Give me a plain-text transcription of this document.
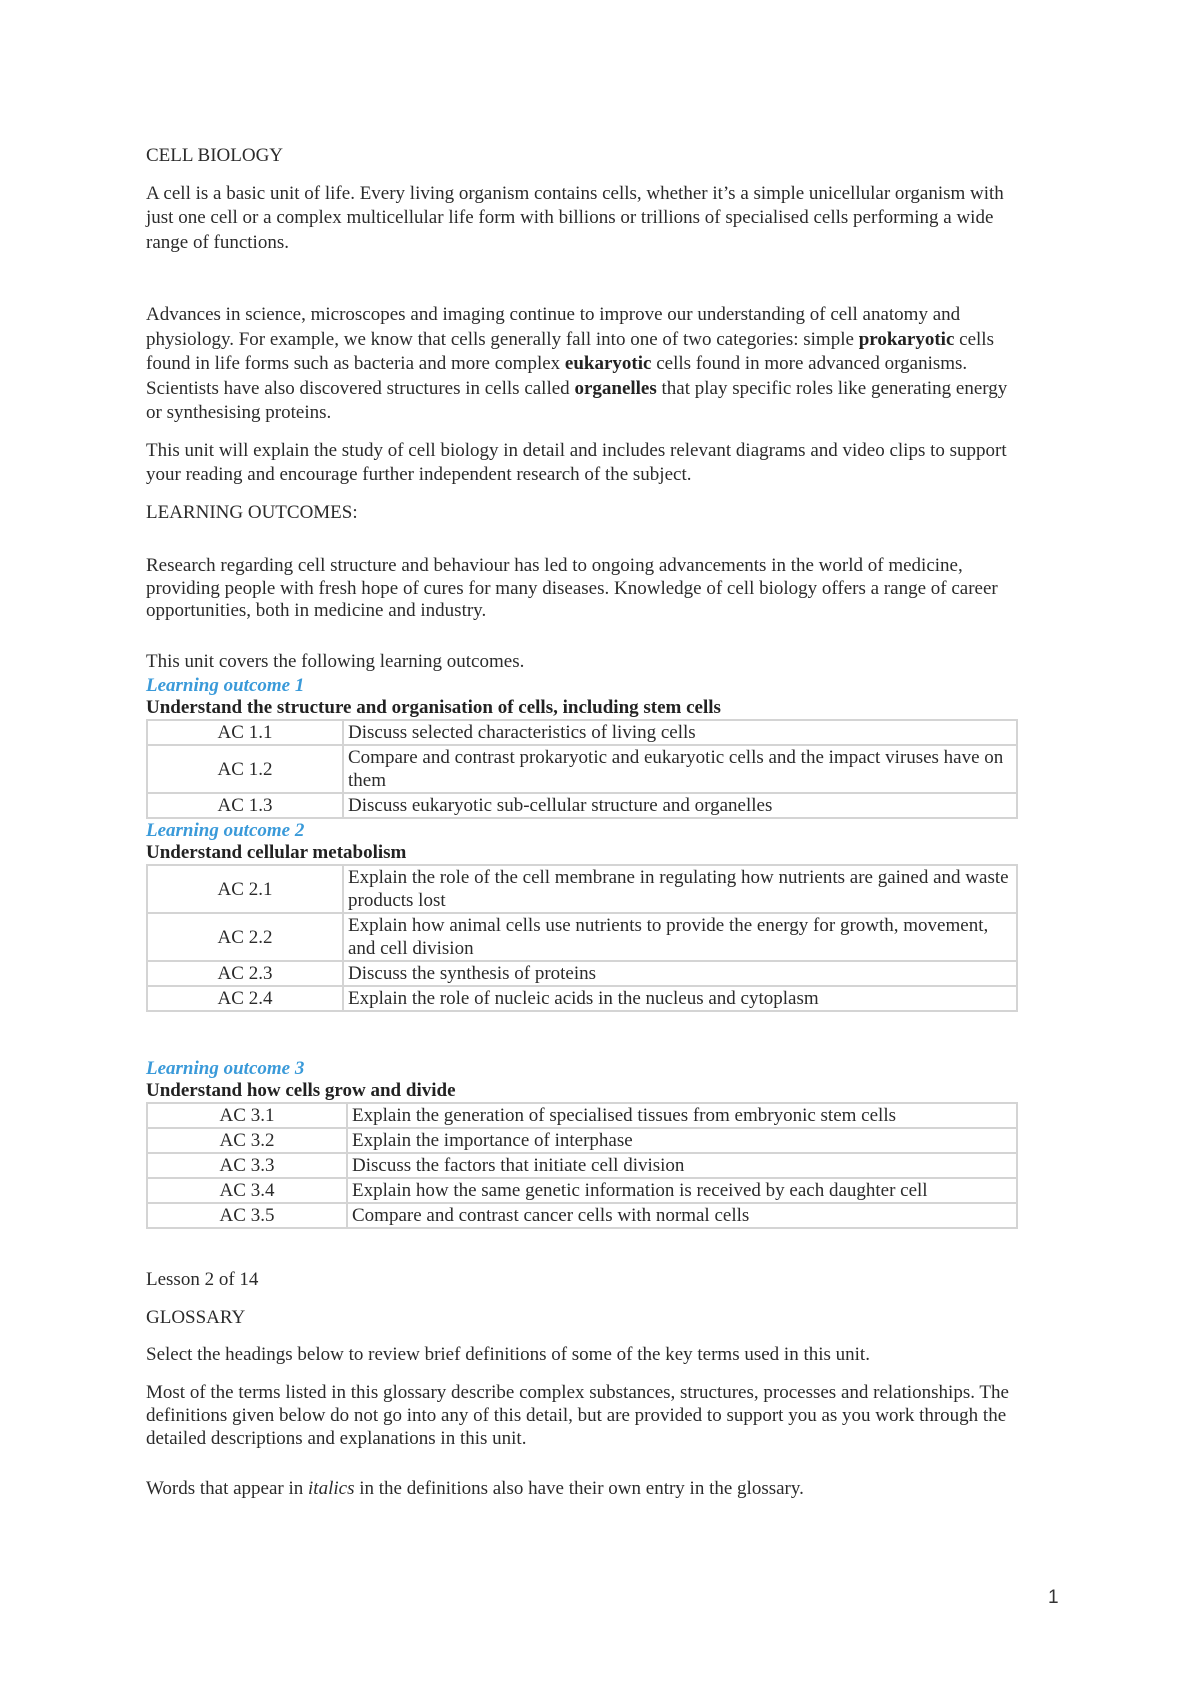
CELL BIOLOGY

A cell is a basic unit of life. Every living organism contains cells, whether it’s a simple unicellular organism with just one cell or a complex multicellular life form with billions or trillions of specialised cells performing a wide range of functions.

Advances in science, microscopes and imaging continue to improve our understanding of cell anatomy and physiology. For example, we know that cells generally fall into one of two categories: simple prokaryotic cells found in life forms such as bacteria and more complex eukaryotic cells found in more advanced organisms. Scientists have also discovered structures in cells called organelles that play specific roles like generating energy or synthesising proteins.

This unit will explain the study of cell biology in detail and includes relevant diagrams and video clips to support your reading and encourage further independent research of the subject.

LEARNING OUTCOMES:

Research regarding cell structure and behaviour has led to ongoing advancements in the world of medicine, providing people with fresh hope of cures for many diseases. Knowledge of cell biology offers a range of career opportunities, both in medicine and industry.

This unit covers the following learning outcomes.

Learning outcome 1

Understand the structure and organisation of cells, including stem cells

AC 1.1	Discuss selected characteristics of living cells
AC 1.2	Compare and contrast prokaryotic and eukaryotic cells and the impact viruses have on them
AC 1.3	Discuss eukaryotic sub-cellular structure and organelles

Learning outcome 2

Understand cellular metabolism

AC 2.1	Explain the role of the cell membrane in regulating how nutrients are gained and waste products lost
AC 2.2	Explain how animal cells use nutrients to provide the energy for growth, movement, and cell division
AC 2.3	Discuss the synthesis of proteins
AC 2.4	Explain the role of nucleic acids in the nucleus and cytoplasm

Learning outcome 3

Understand how cells grow and divide

AC 3.1	Explain the generation of specialised tissues from embryonic stem cells
AC 3.2	Explain the importance of interphase
AC 3.3	Discuss the factors that initiate cell division
AC 3.4	Explain how the same genetic information is received by each daughter cell
AC 3.5	Compare and contrast cancer cells with normal cells

Lesson 2 of 14

GLOSSARY

Select the headings below to review brief definitions of some of the key terms used in this unit.

Most of the terms listed in this glossary describe complex substances, structures, processes and relationships. The definitions given below do not go into any of this detail, but are provided to support you as you work through the detailed descriptions and explanations in this unit.

Words that appear in italics in the definitions also have their own entry in the glossary.

1
